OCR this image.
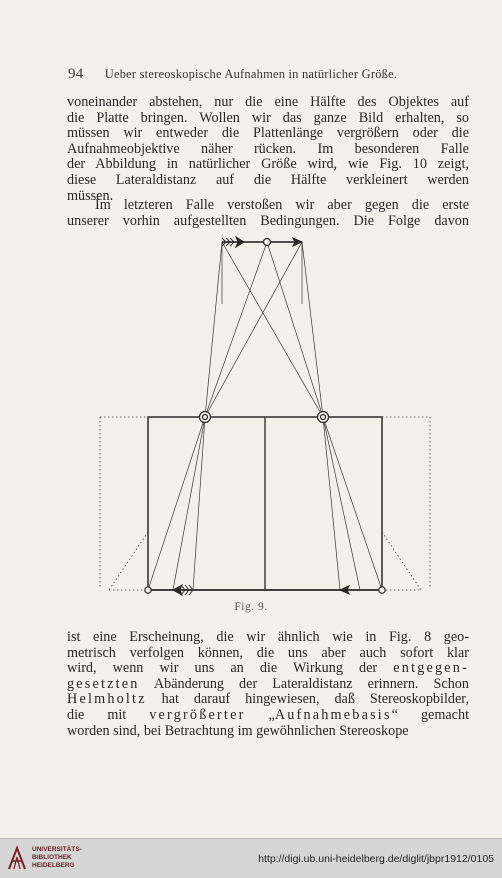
94 Ueber stereoskopische Aufnahmen in natürlicher Größe.
voneinander abstehen, nur die eine Hälfte des Objektes auf
die Platte bringen. Wollen wir das ganze Bild erhalten, so
müssen wir entweder die Plattenlänge vergrößern oder die
Aufnahmeobjektive näher rücken. Im besonderen Falle
der Abbildung in natürlicher Größe wird, wie Fig. 10 zeigt,
diese Lateraldistanz auf die Hälfte verkleinert werden
müssen.
Im letzteren Falle verstoßen wir aber gegen die erste
unserer vorhin aufgestellten Bedingungen. Die Folge davon
Fig. 9.
ist eine Erscheinung, die wir ähnlich wie in Fig. 8 geo-
metrisch verfolgen können, die uns aber auch sofort klar
wird, wenn wir uns an die Wirkung der entgegen-
gesetzten Abänderung der Lateraldistanz erinnern. Schon
Helmholtz hat darauf hingewiesen, daß Stereoskopbilder,
die mit vergrößerter „Aufnahmebasis“ gemacht
worden sind, bei Betrachtung im gewöhnlichen Stereoskope
UNIVERSITÄTS-
BIBLIOTHEK
HEIDELBERG
http://digi.ub.uni-heidelberg.de/diglit/jbpr1912/0105
